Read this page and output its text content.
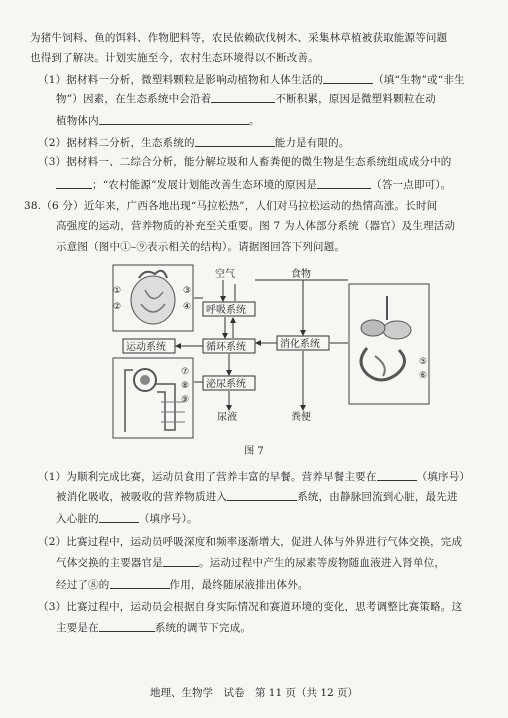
为猪牛饲料、鱼的饵料、作物肥料等，农民依赖砍伐树木、采集林草植被获取能源等问题
也得到了解决。计划实施至今，农村生态环境得以不断改善。
（1）据材料一分析，微塑料颗粒是影响动植物和人体生活的	（填“生物”或“非生
物”）因素，在生态系统中会沿着	不断积累，原因是微塑料颗粒在动
植物体内	。
（2）据材料二分析，生态系统的	能力是有限的。
（3）据材料一、二综合分析，能分解垃圾和人畜粪便的微生物是生态系统组成成分中的
；“农村能源”发展计划能改善生态环境的原因是	（答一点即可）。
38.（6 分）近年来，广西各地出现“马拉松热”，人们对马拉松运动的热情高涨。长时间
高强度的运动，营养物质的补充至关重要。图 7 为人体部分系统（器官）及生理活动
示意图（图中①–⑨表示相关的结构）。请据图回答下列问题。
①
②
③
④
⑦
⑧
⑨
⑤
⑥
空气	食物
呼吸系统
运动系统	循环系统	消化系统
泌尿系统
尿液	粪便
图 7
（1）为顺利完成比赛，运动员食用了营养丰富的早餐。营养早餐主要在	（填序号）
被消化吸收，被吸收的营养物质进入	系统，由静脉回流到心脏，最先进
入心脏的	（填序号）。
（2）比赛过程中，运动员呼吸深度和频率逐渐增大，促进人体与外界进行气体交换，完成
气体交换的主要器官是	。运动过程中产生的尿素等废物随血液进入肾单位，
经过了⑧的	作用，最终随尿液排出体外。
（3）比赛过程中，运动员会根据自身实际情况和赛道环境的变化，思考调整比赛策略。这
主要是在	系统的调节下完成。
地理、生物学　试卷　第 11 页（共 12 页）
